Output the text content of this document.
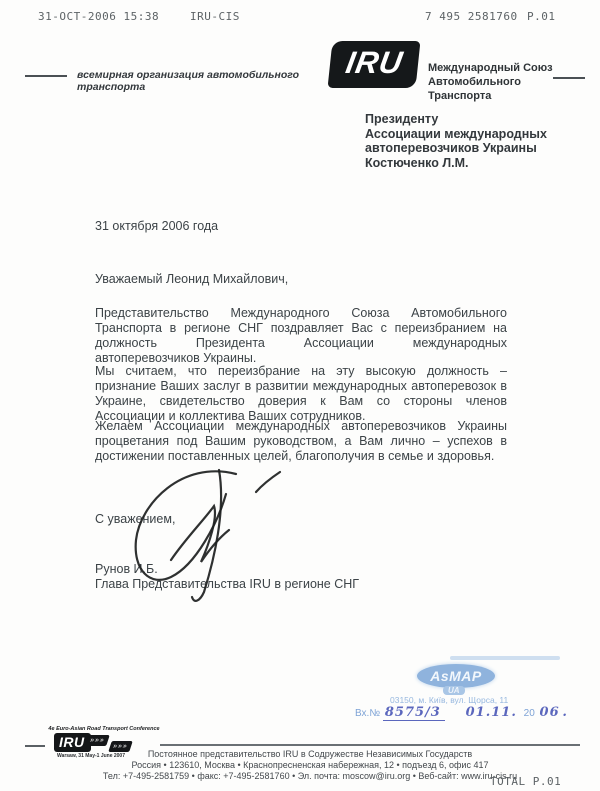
31-OCT-2006 15:38	IRU-CIS	7 495 2581760 P.01
всемирная организация автомобильного транспорта
IRU Международный Союз
Автомобильного Транспорта
Президенту
Ассоциации международных
автоперевозчиков Украины
Костюченко Л.М.
31 октября 2006 года
Уважаемый Леонид Михайлович,
Представительство Международного Союза Автомобильного Транспорта в регионе СНГ поздравляет Вас с переизбранием на должность Президента Ассоциации международных автоперевозчиков Украины.
Мы считаем, что переизбрание на эту высокую должность – признание Ваших заслуг в развитии международных автоперевозок в Украине, свидетельство доверия к Вам со стороны членов Ассоциации и коллектива Ваших сотрудников.
Желаем Ассоциации международных автоперевозчиков Украины процветания под Вашим руководством, а Вам лично – успехов в достижении поставленных целей, благополучия в семье и здоровья.
С уважением,
Рунов И.Б.
Глава Представительства IRU в регионе СНГ
AsMAP
UA
03150, м. Київ, вул. Щорса, 11
Вх.№ 8575/3 01.11. 20 06 .
4e Euro-Asian Road Transport Conference
IRU »»»
»»»
Warsaw, 31 May-1 June 2007	Постоянное представительство IRU в Содружестве Независимых Государств
Россия • 123610, Москва • Краснопресненская набережная, 12 • подъезд 6, офис 417
Тел: +7-495-2581759 • факс: +7-495-2581760 • Эл. почта: moscow@iru.org • Веб-сайт: www.iru-cis.ru
TOTAL P.01
